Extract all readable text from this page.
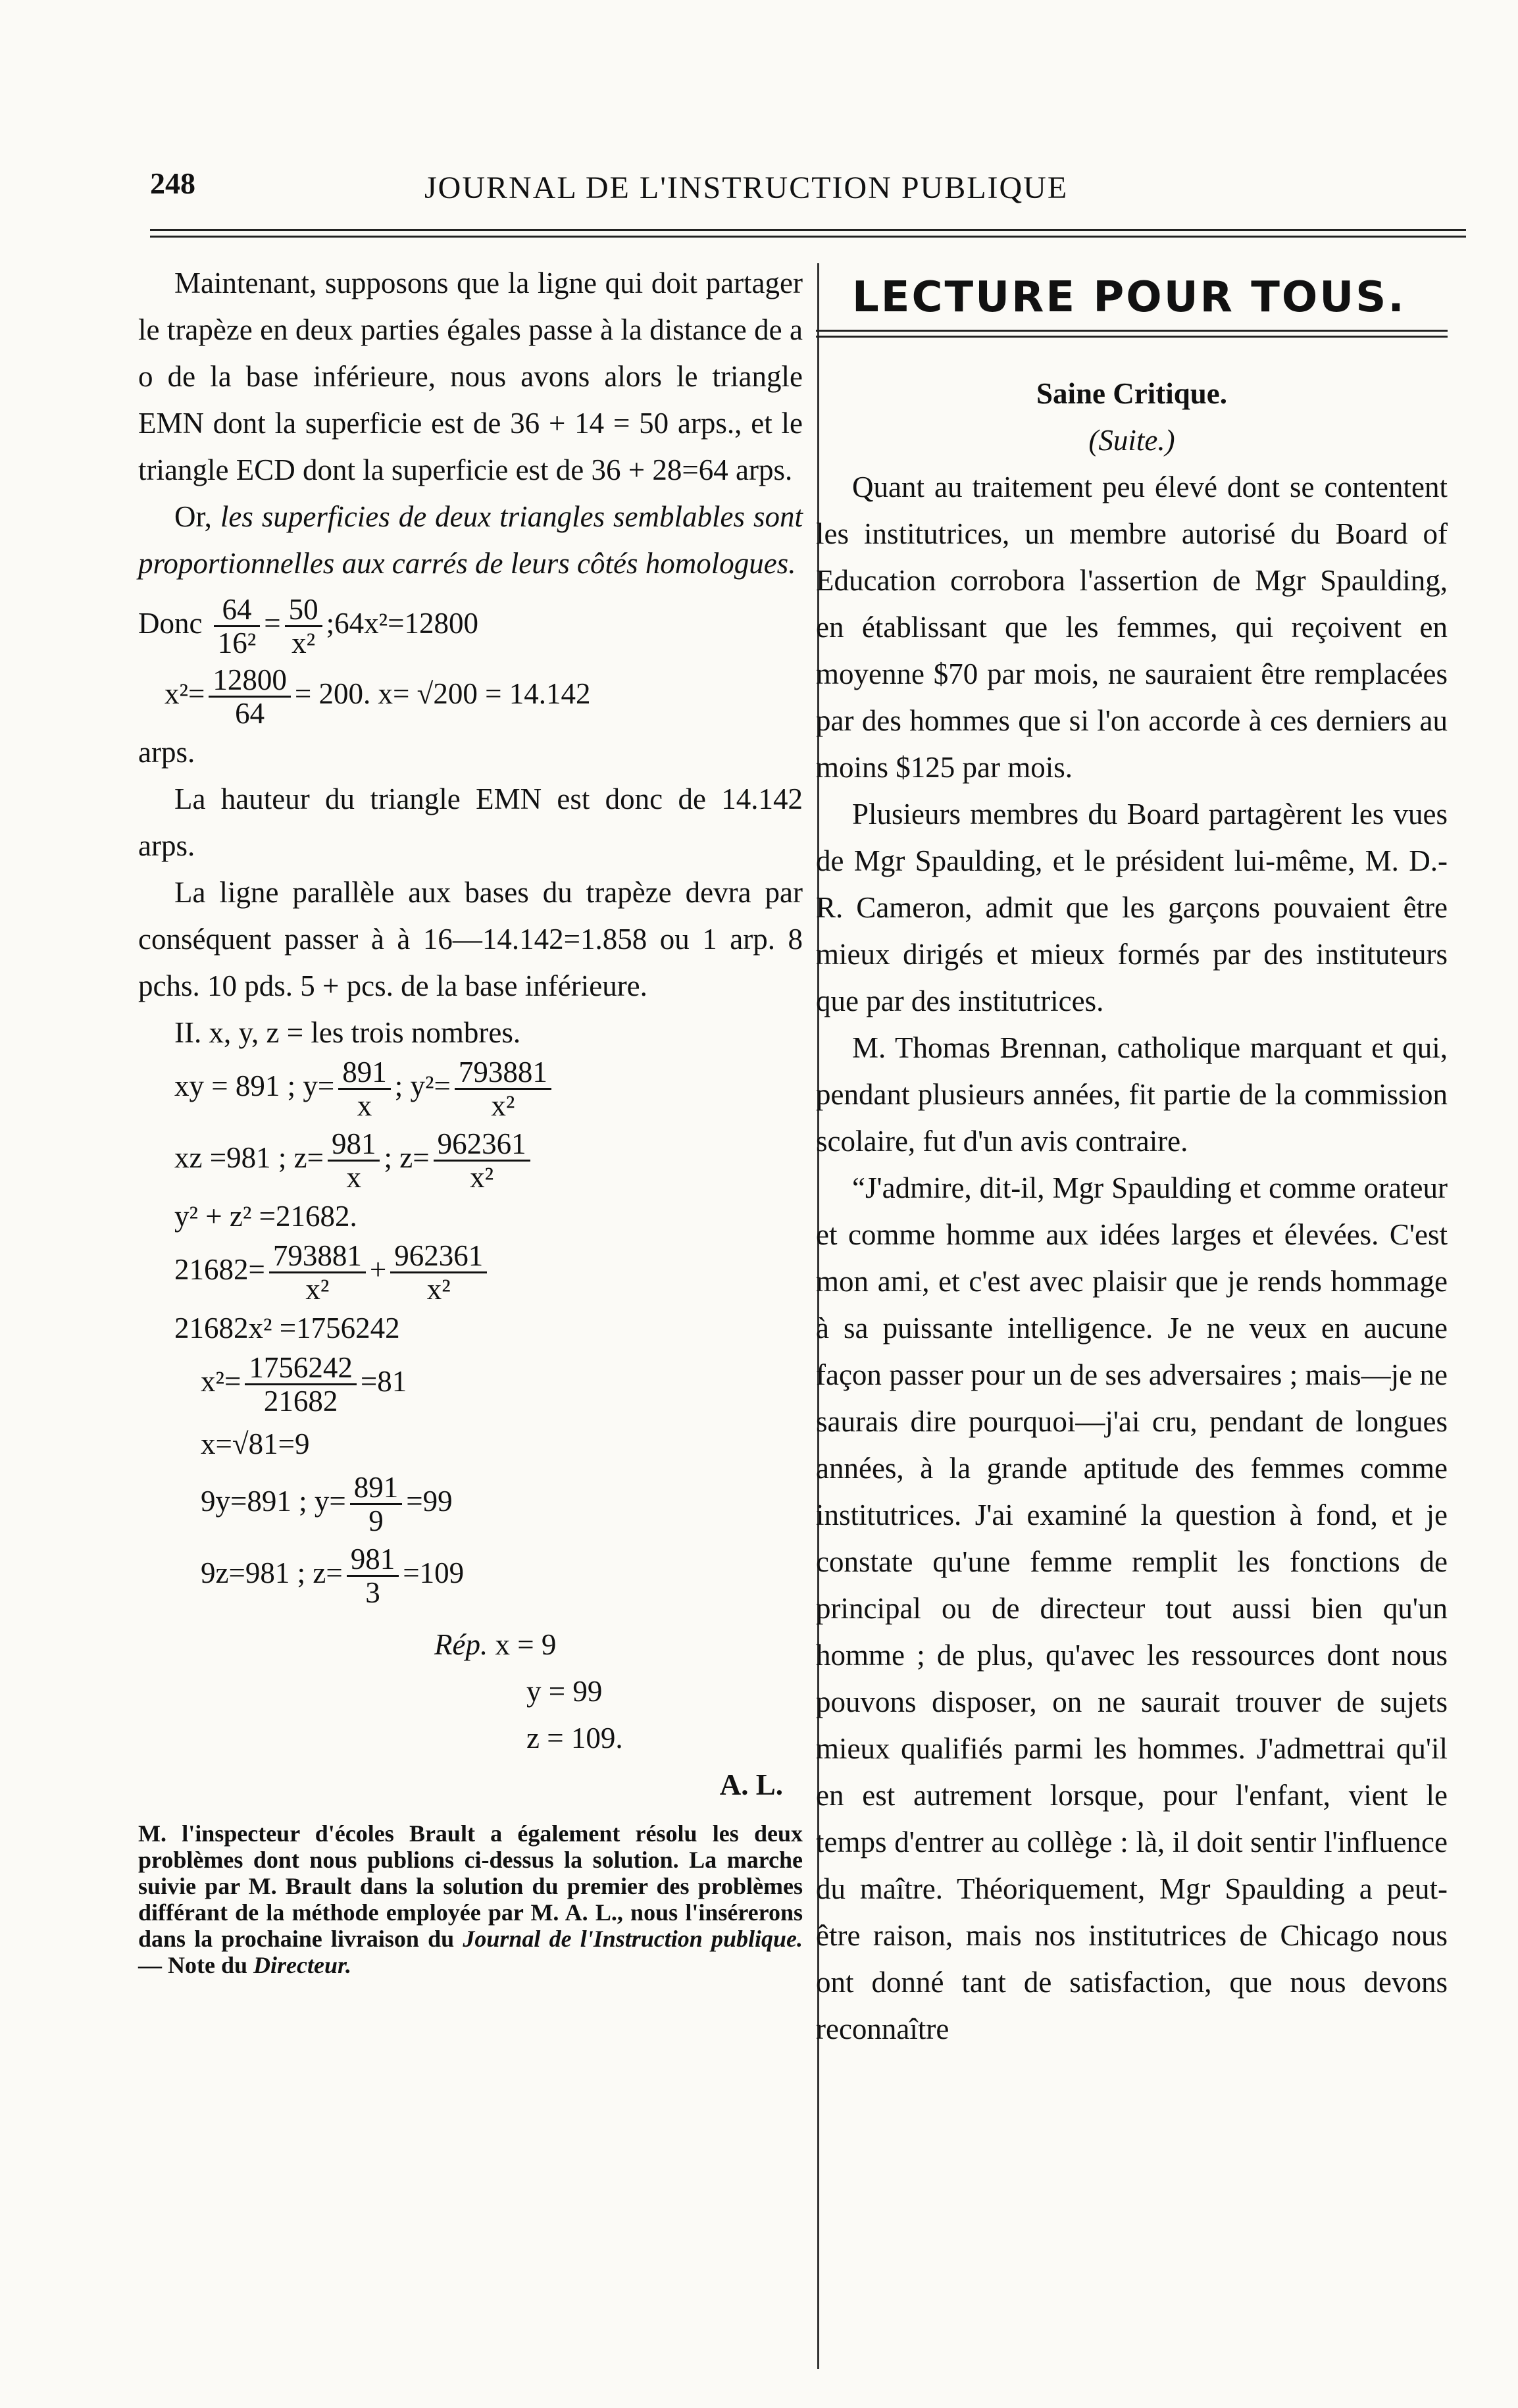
248	JOURNAL DE L'INSTRUCTION PUBLIQUE

Maintenant, supposons que la ligne qui doit partager le trapèze en deux parties égales passe à la distance de a o de la base inférieure, nous avons alors le triangle EMN dont la superficie est de 36 + 14 = 50 arps., et le triangle ECD dont la superficie est de 36 + 28=64 arps.

Or, les superficies de deux triangles semblables sont proportionnelles aux carrés de leurs côtés homologues.

Donc $\frac{64}{\text{16²}} = \frac{50}{\text{x²}}$ ;64x²=12800
$x^2= \frac{12800}{64} = 200$. x= √200 = 14.142

arps.

La hauteur du triangle EMN est donc de 14.142 arps.

La ligne parallèle aux bases du trapèze devra par conséquent passer à à 16—14.142=1.858 ou 1 arp. 8 pchs. 10 pds. 5 + pcs. de la base inférieure.

II. x, y, z = les trois nombres.

xy = 891 ; $y= \frac{891}{x}$ ; $y^2= \frac{793881}{\text{x²}}$
xz =981 ; $z= \frac{981}{x}$ ; $z= \frac{962361}{\text{x²}}$

y² + z² =21682.

$21682= \frac{793881}{\text{x²}} + \frac{962361}{\text{x²}}$

21682x² =1756242

$x^2= \frac{1756242}{21682} =81$

x=√81=9

9y=891 ; $y= \frac{891}{9} =99$
9z=981 ; $z= \frac{981}{3} =109$
Rép. x = 9
y = 99
z = 109.

A. L.

M. l'inspecteur d'écoles Brault a également résolu les deux problèmes dont nous publions ci-dessus la solution. La marche suivie par M. Brault dans la solution du premier des problèmes différant de la méthode employée par M. A. L., nous l'insérerons dans la prochaine livraison du Journal de l'Instruction publique.— Note du Directeur.

LECTURE POUR TOUS.

Saine Critique.

(Suite.)

Quant au traitement peu élevé dont se contentent les institutrices, un membre autorisé du Board of Education corrobora l'assertion de Mgr Spaulding, en établissant que les femmes, qui reçoivent en moyenne $70 par mois, ne sauraient être remplacées par des hommes que si l'on accorde à ces derniers au moins $125 par mois.

Plusieurs membres du Board partagèrent les vues de Mgr Spaulding, et le président lui-même, M. D.-R. Cameron, admit que les garçons pouvaient être mieux dirigés et mieux formés par des instituteurs que par des institutrices.

M. Thomas Brennan, catholique marquant et qui, pendant plusieurs années, fit partie de la commission scolaire, fut d'un avis contraire.

“J'admire, dit-il, Mgr Spaulding et comme orateur et comme homme aux idées larges et élevées. C'est mon ami, et c'est avec plaisir que je rends hommage à sa puissante intelligence. Je ne veux en aucune façon passer pour un de ses adversaires ; mais—je ne saurais dire pourquoi—j'ai cru, pendant de longues années, à la grande aptitude des femmes comme institutrices. J'ai examiné la question à fond, et je constate qu'une femme remplit les fonctions de principal ou de directeur tout aussi bien qu'un homme ; de plus, qu'avec les ressources dont nous pouvons disposer, on ne saurait trouver de sujets mieux qualifiés parmi les hommes. J'admettrai qu'il en est autrement lorsque, pour l'enfant, vient le temps d'entrer au collège : là, il doit sentir l'influence du maître. Théoriquement, Mgr Spaulding a peut-être raison, mais nos institutrices de Chicago nous ont donné tant de satisfaction, que nous devons reconnaître
